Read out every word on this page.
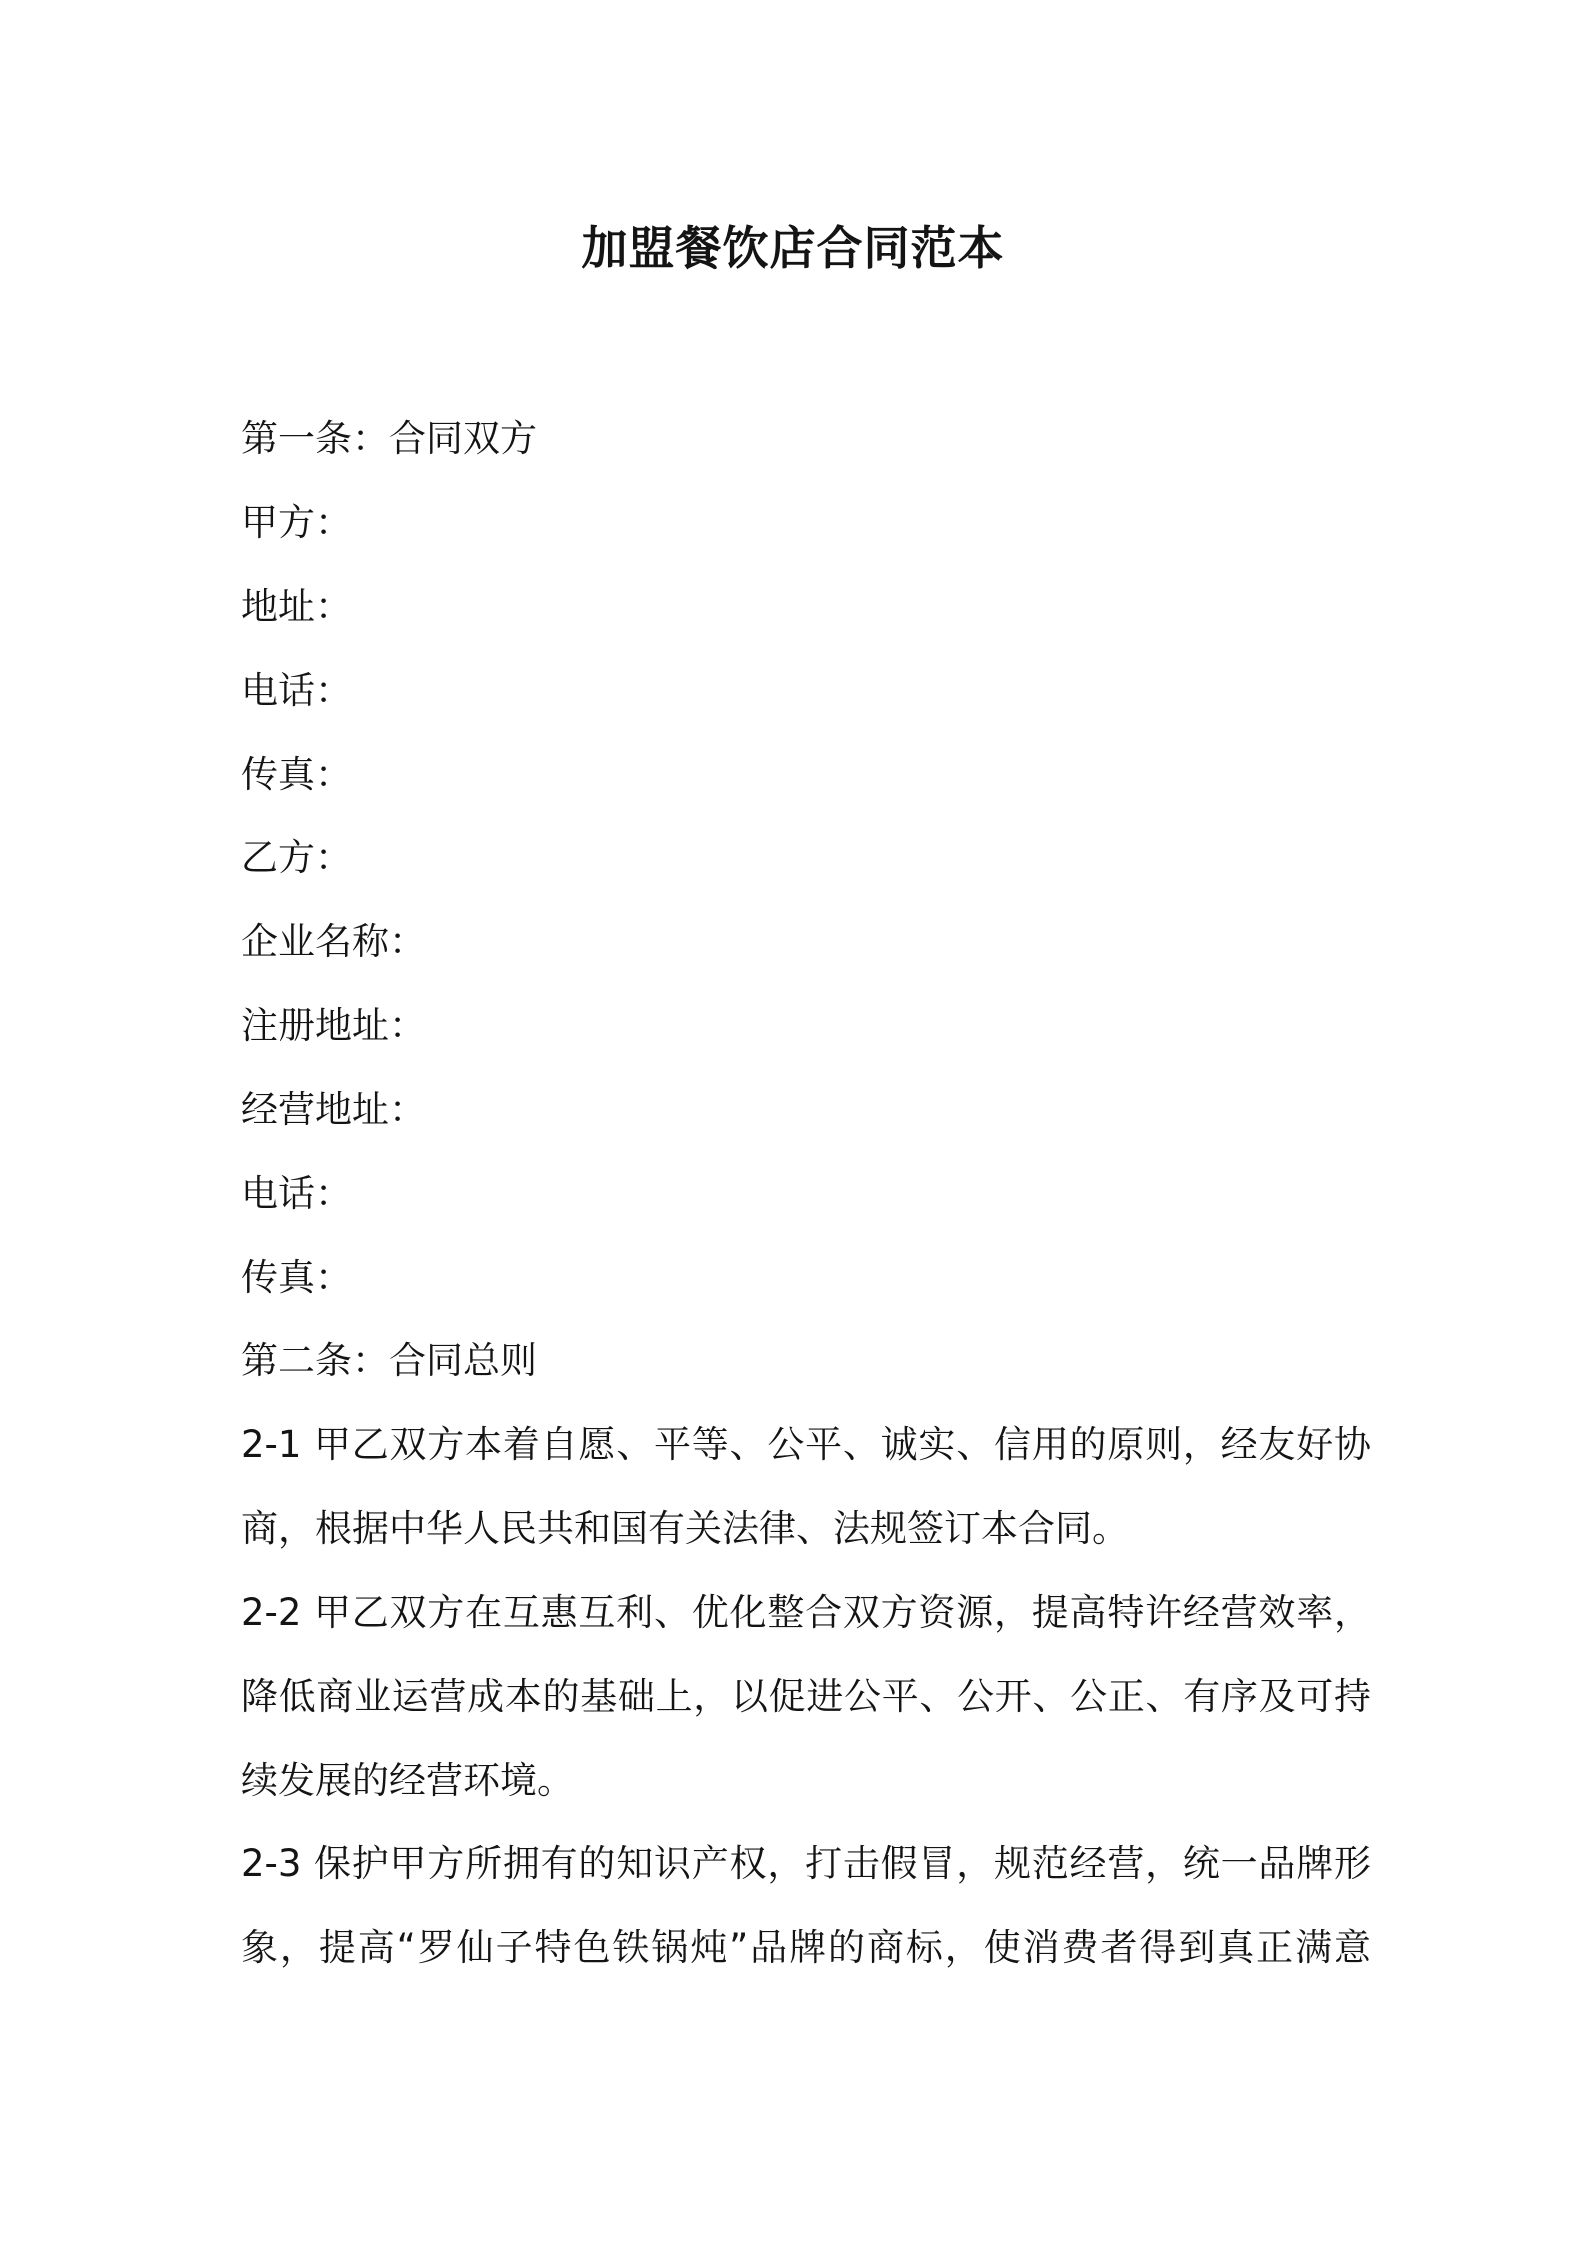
加盟餐饮店合同范本

第一条：合同双方

甲方：

地址：

电话：

传真：

乙方：

企业名称：

注册地址：

经营地址：

电话：

传真：

第二条：合同总则

2-1 甲乙双方本着自愿、平等、公平、诚实、信用的原则，经友好协

商，根据中华人民共和国有关法律、法规签订本合同。

2-2 甲乙双方在互惠互利、优化整合双方资源，提高特许经营效率，

降低商业运营成本的基础上，以促进公平、公开、公正、有序及可持

续发展的经营环境。

2-3 保护甲方所拥有的知识产权，打击假冒，规范经营，统一品牌形

象，提高“罗仙子特色铁锅炖”品牌的商标，使消费者得到真正满意
